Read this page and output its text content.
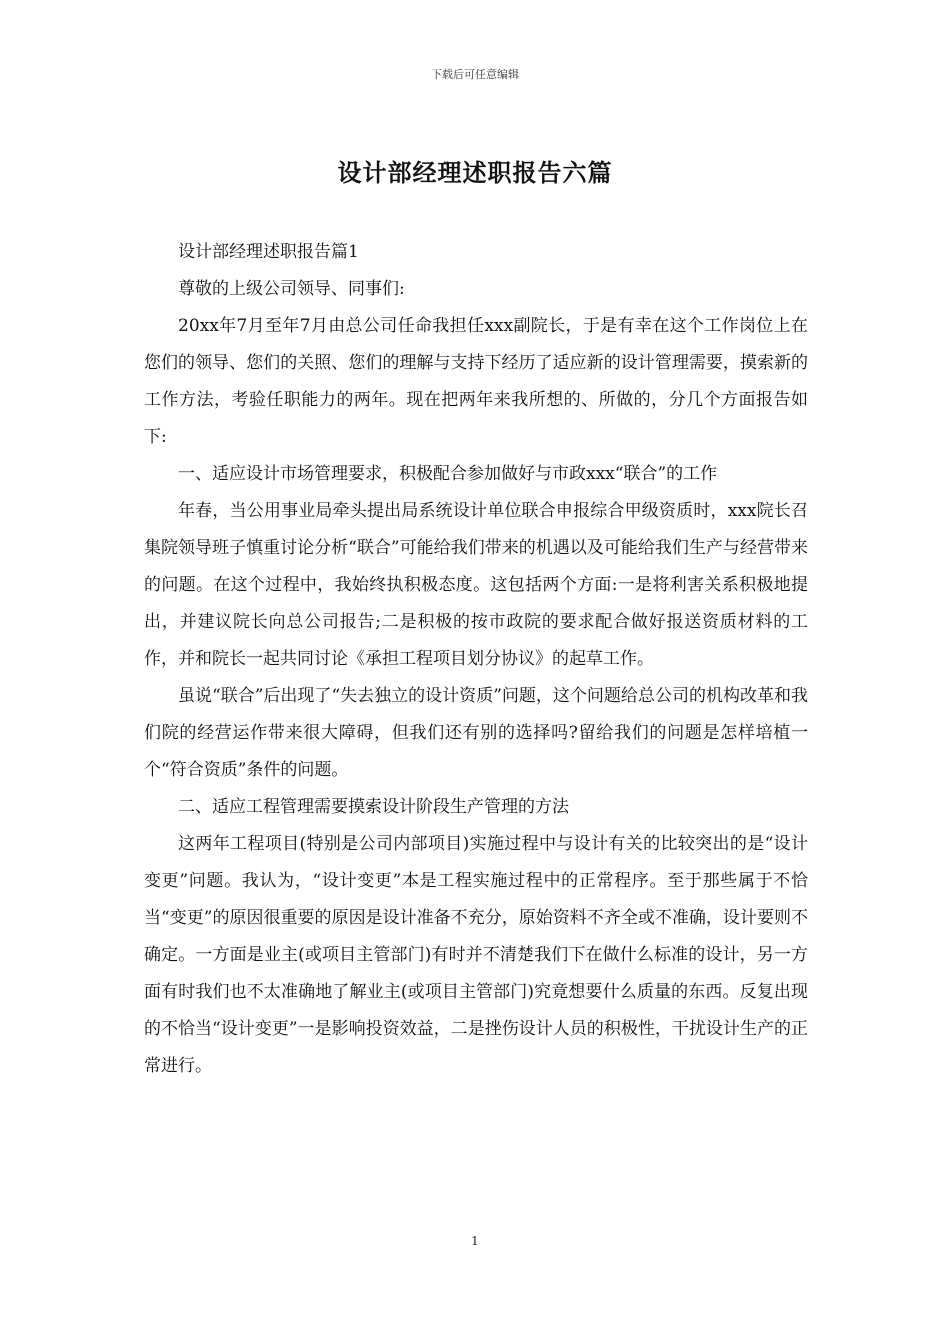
下载后可任意编辑
设计部经理述职报告六篇

设计部经理述职报告篇1

尊敬的上级公司领导、同事们:

20xx年7月至年7月由总公司任命我担任xxx副院长，于是有幸在这个工作岗位上在您们的领导、您们的关照、您们的理解与支持下经历了适应新的设计管理需要，摸索新的工作方法，考验任职能力的两年。现在把两年来我所想的、所做的，分几个方面报告如下:

一、适应设计市场管理要求，积极配合参加做好与市政xxx“联合”的工作

年春，当公用事业局牵头提出局系统设计单位联合申报综合甲级资质时，xxx院长召集院领导班子慎重讨论分析“联合”可能给我们带来的机遇以及可能给我们生产与经营带来的问题。在这个过程中，我始终执积极态度。这包括两个方面:一是将利害关系积极地提出，并建议院长向总公司报告;二是积极的按市政院的要求配合做好报送资质材料的工作，并和院长一起共同讨论《承担工程项目划分协议》的起草工作。

虽说“联合”后出现了“失去独立的设计资质”问题，这个问题给总公司的机构改革和我们院的经营运作带来很大障碍，但我们还有别的选择吗?留给我们的问题是怎样培植一个“符合资质”条件的问题。

二、适应工程管理需要摸索设计阶段生产管理的方法

这两年工程项目(特别是公司内部项目)实施过程中与设计有关的比较突出的是“设计变更”问题。我认为，“设计变更”本是工程实施过程中的正常程序。至于那些属于不恰当“变更”的原因很重要的原因是设计准备不充分，原始资料不齐全或不准确，设计要则不确定。一方面是业主(或项目主管部门)有时并不清楚我们下在做什么标准的设计，另一方面有时我们也不太准确地了解业主(或项目主管部门)究竟想要什么质量的东西。反复出现的不恰当“设计变更”一是影响投资效益，二是挫伤设计人员的积极性，干扰设计生产的正常进行。

1
